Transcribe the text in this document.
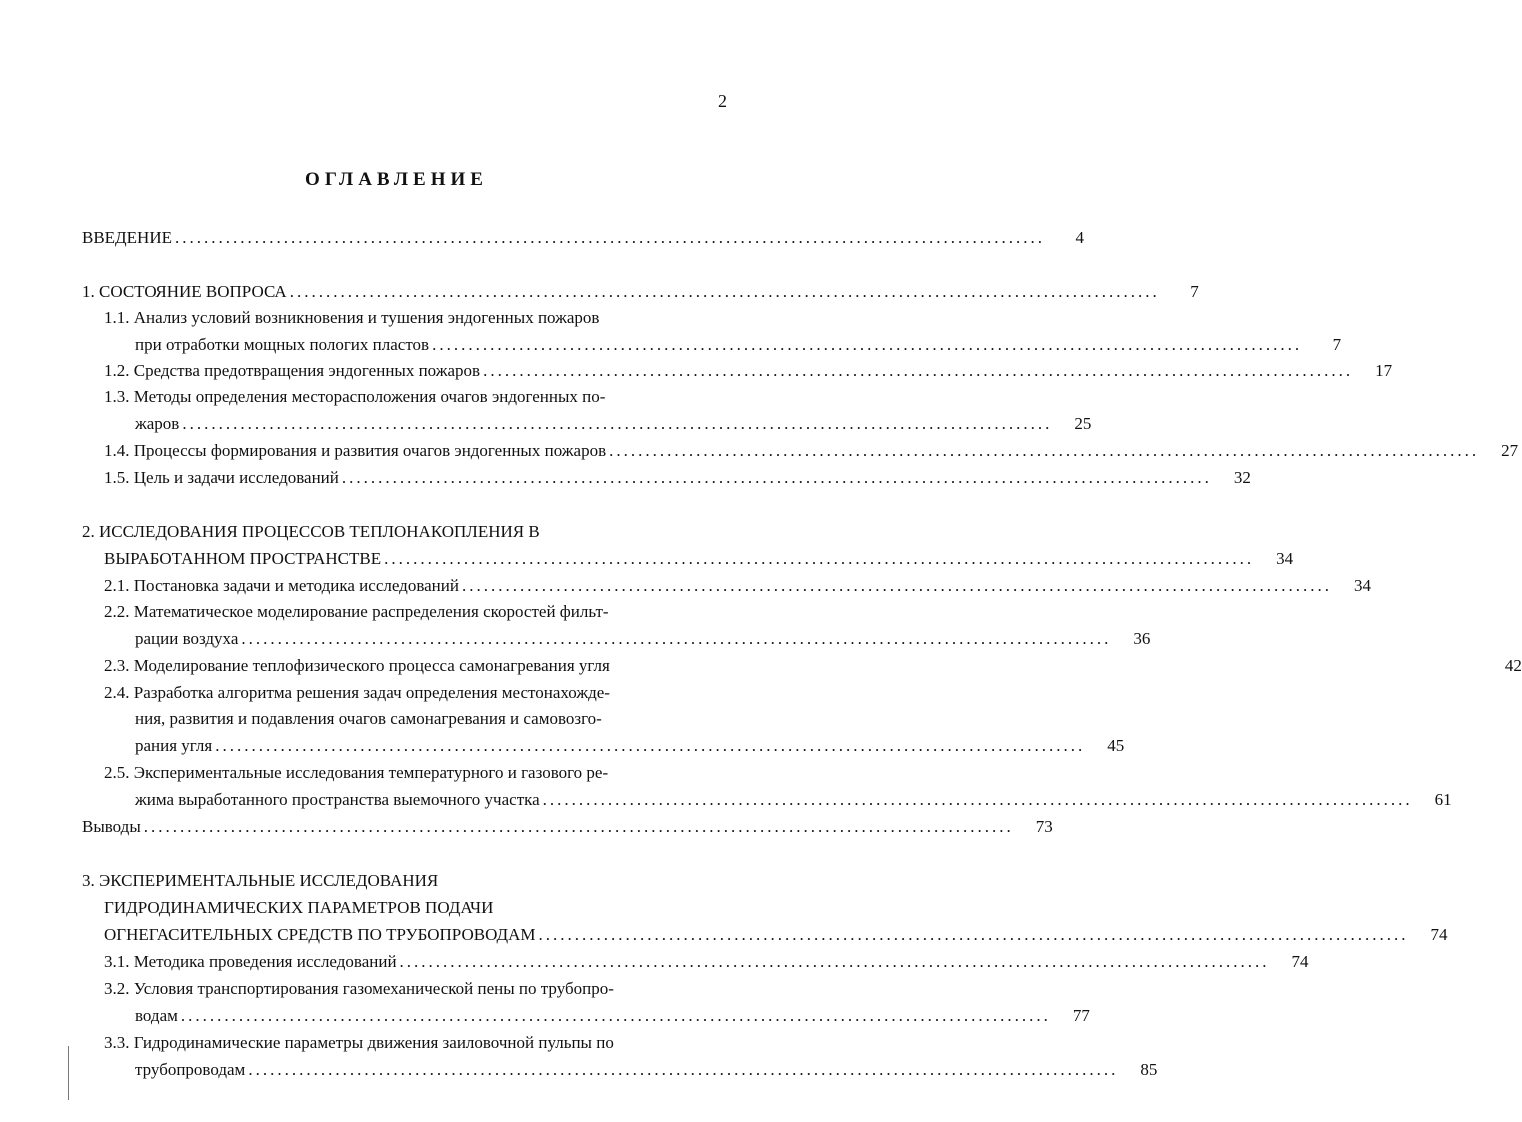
2
ОГЛАВЛЕНИЕ
ВВЕДЕНИЕ ........................................................................................................................	4
1. СОСТОЯНИЕ ВОПРОСА ........................................................................................................................	7
1.1. Анализ условий возникновения и тушения эндогенных пожаров
при отработки мощных пологих пластов ........................................................................................................................	7
1.2. Средства предотвращения эндогенных пожаров ........................................................................................................................	17
1.3. Методы определения месторасположения очагов эндогенных по-
жаров ........................................................................................................................	25
1.4. Процессы формирования и развития очагов эндогенных пожаров ........................................................................................................................	27
1.5. Цель и задачи исследований ........................................................................................................................	32
2. ИССЛЕДОВАНИЯ ПРОЦЕССОВ ТЕПЛОНАКОПЛЕНИЯ В
ВЫРАБОТАННОМ ПРОСТРАНСТВЕ ........................................................................................................................	34
2.1. Постановка задачи и методика исследований ........................................................................................................................	34
2.2. Математическое моделирование распределения скоростей фильт-
рации воздуха ........................................................................................................................	36
2.3. Моделирование теплофизического процесса самонагревания угля	42
2.4. Разработка алгоритма решения задач определения местонахожде-
ния, развития и подавления очагов самонагревания и самовозго-
рания угля ........................................................................................................................	45
2.5. Экспериментальные исследования температурного и газового ре-
жима выработанного пространства выемочного участка ........................................................................................................................	61
Выводы ........................................................................................................................	73
3. ЭКСПЕРИМЕНТАЛЬНЫЕ ИССЛЕДОВАНИЯ
ГИДРОДИНАМИЧЕСКИХ ПАРАМЕТРОВ ПОДАЧИ
ОГНЕГАСИТЕЛЬНЫХ СРЕДСТВ ПО ТРУБОПРОВОДАМ ........................................................................................................................	74
3.1. Методика проведения исследований ........................................................................................................................	74
3.2. Условия транспортирования газомеханической пены по трубопро-
водам ........................................................................................................................	77
3.3. Гидродинамические параметры движения заиловочной пульпы по
трубопроводам ........................................................................................................................	85
